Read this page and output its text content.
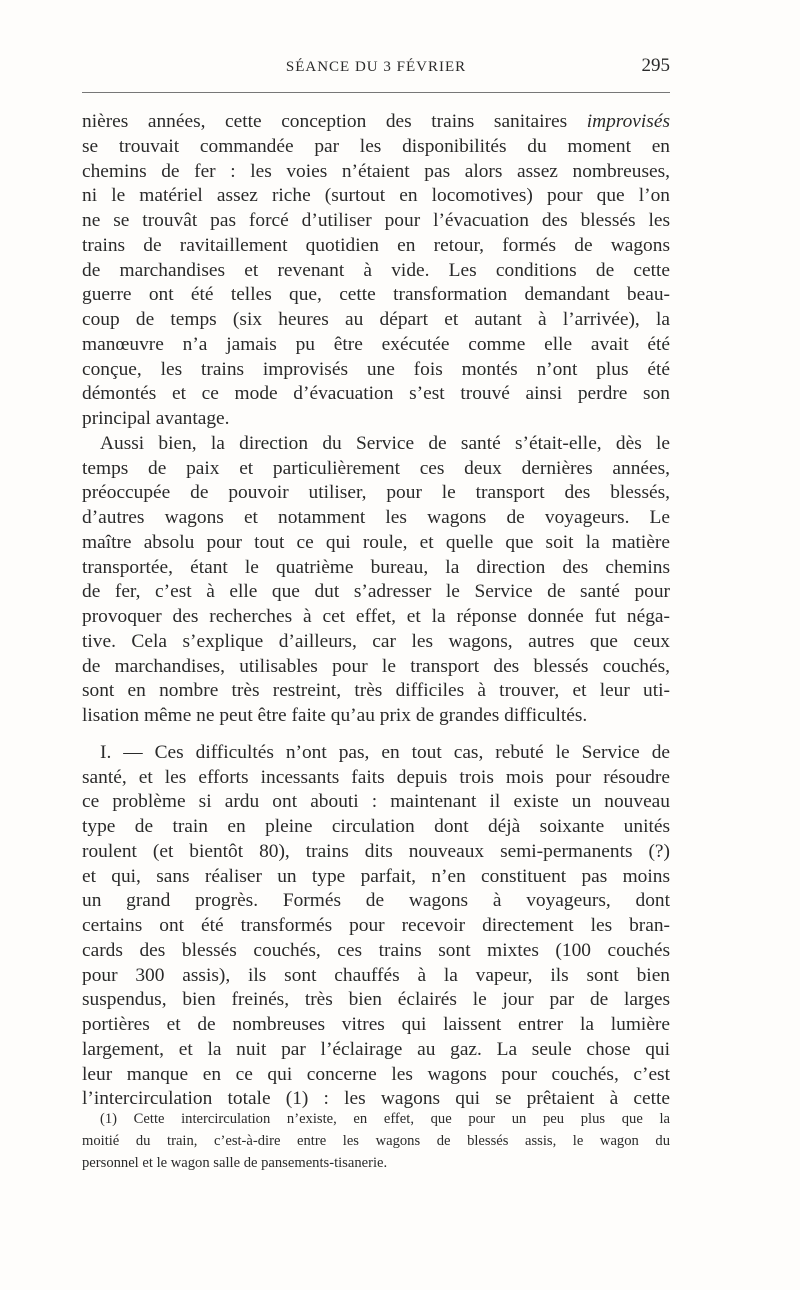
SÉANCE DU 3 FÉVRIER	295

nières années, cette conception des trains sanitaires improvisés

se trouvait commandée par les disponibilités du moment en

chemins de fer : les voies n’étaient pas alors assez nombreuses,

ni le matériel assez riche (surtout en locomotives) pour que l’on

ne se trouvât pas forcé d’utiliser pour l’évacuation des blessés les

trains de ravitaillement quotidien en retour, formés de wagons

de marchandises et revenant à vide. Les conditions de cette

guerre ont été telles que, cette transformation demandant beau-

coup de temps (six heures au départ et autant à l’arrivée), la

manœuvre n’a jamais pu être exécutée comme elle avait été

conçue, les trains improvisés une fois montés n’ont plus été

démontés et ce mode d’évacuation s’est trouvé ainsi perdre son

principal avantage.

Aussi bien, la direction du Service de santé s’était-elle, dès le

temps de paix et particulièrement ces deux dernières années,

préoccupée de pouvoir utiliser, pour le transport des blessés,

d’autres wagons et notamment les wagons de voyageurs. Le

maître absolu pour tout ce qui roule, et quelle que soit la matière

transportée, étant le quatrième bureau, la direction des chemins

de fer, c’est à elle que dut s’adresser le Service de santé pour

provoquer des recherches à cet effet, et la réponse donnée fut néga-

tive. Cela s’explique d’ailleurs, car les wagons, autres que ceux

de marchandises, utilisables pour le transport des blessés couchés,

sont en nombre très restreint, très difficiles à trouver, et leur uti-

lisation même ne peut être faite qu’au prix de grandes difficultés.

I. — Ces difficultés n’ont pas, en tout cas, rebuté le Service de

santé, et les efforts incessants faits depuis trois mois pour résoudre

ce problème si ardu ont abouti : maintenant il existe un nouveau

type de train en pleine circulation dont déjà soixante unités

roulent (et bientôt 80), trains dits nouveaux semi-permanents (?)

et qui, sans réaliser un type parfait, n’en constituent pas moins

un grand progrès. Formés de wagons à voyageurs, dont

certains ont été transformés pour recevoir directement les bran-

cards des blessés couchés, ces trains sont mixtes (100 couchés

pour 300 assis), ils sont chauffés à la vapeur, ils sont bien

suspendus, bien freinés, très bien éclairés le jour par de larges

portières et de nombreuses vitres qui laissent entrer la lumière

largement, et la nuit par l’éclairage au gaz. La seule chose qui

leur manque en ce qui concerne les wagons pour couchés, c’est

l’intercirculation totale (1) : les wagons qui se prêtaient à cette

(1) Cette intercirculation n’existe, en effet, que pour un peu plus que la

moitié du train, c’est-à-dire entre les wagons de blessés assis, le wagon du

personnel et le wagon salle de pansements-tisanerie.
